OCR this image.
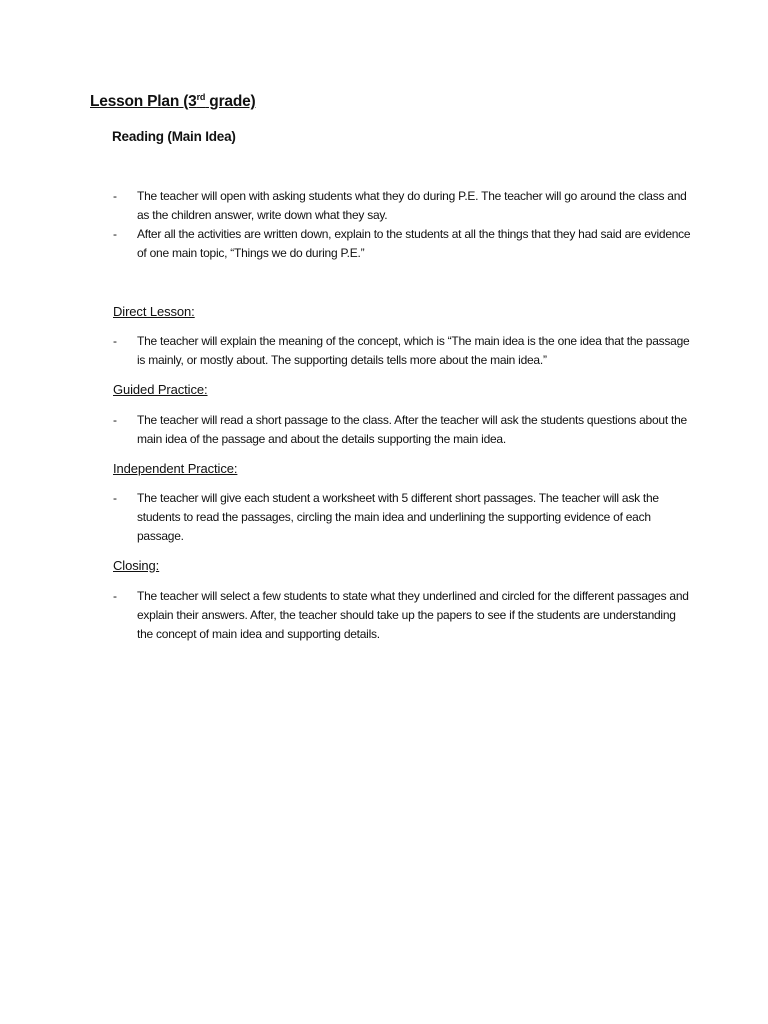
Lesson Plan (3rd grade)
Reading (Main Idea)
- The teacher will open with asking students what they do during P.E. The teacher will go around the class and as the children answer, write down what they say.
- After all the activities are written down, explain to the students at all the things that they had said are evidence of one main topic, “Things we do during P.E.”
Direct Lesson:
- The teacher will explain the meaning of the concept, which is “The main idea is the one idea that the passage is mainly, or mostly about. The supporting details tells more about the main idea.”
Guided Practice:
- The teacher will read a short passage to the class. After the teacher will ask the students questions about the main idea of the passage and about the details supporting the main idea.
Independent Practice:
- The teacher will give each student a worksheet with 5 different short passages. The teacher will ask the students to read the passages, circling the main idea and underlining the supporting evidence of each passage.
Closing:
- The teacher will select a few students to state what they underlined and circled for the different passages and explain their answers. After, the teacher should take up the papers to see if the students are understanding the concept of main idea and supporting details.
